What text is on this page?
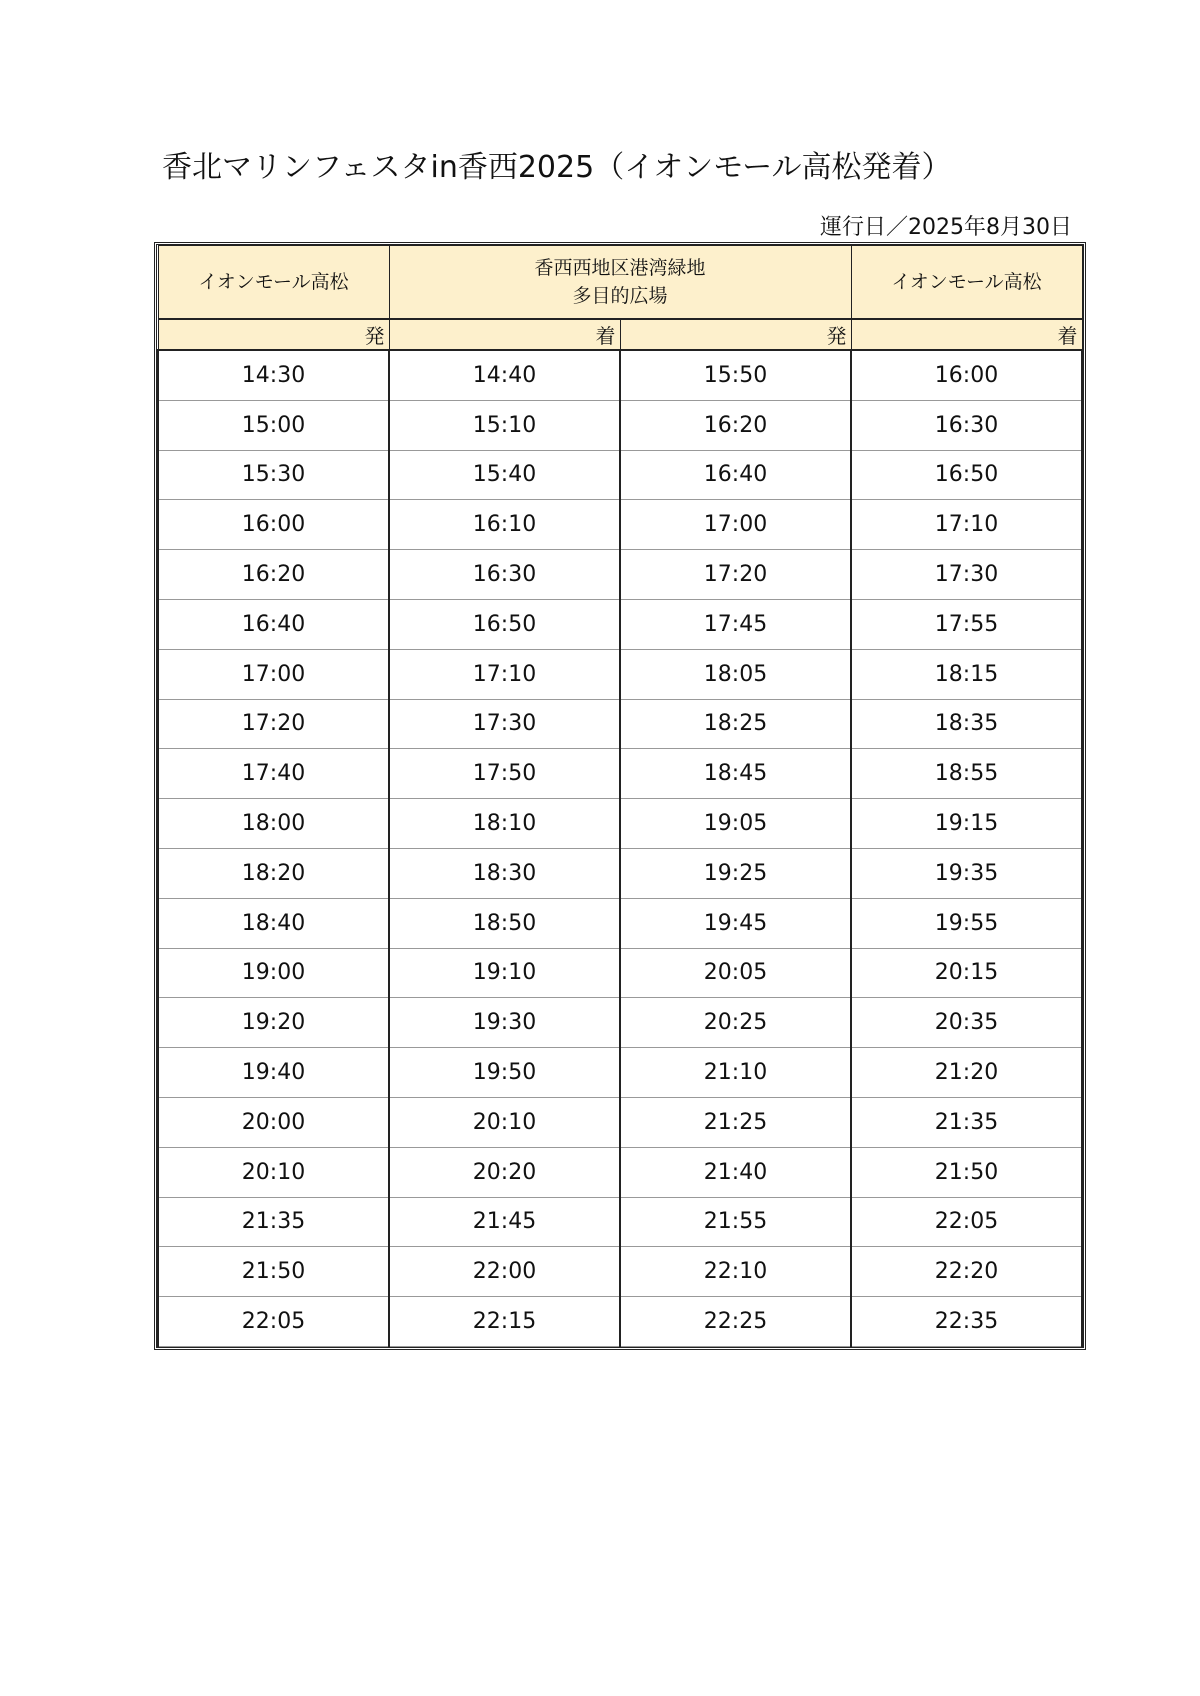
香北マリンフェスタin香西2025（イオンモール高松発着）
運行日／2025年8月30日
イオンモール高松	香西西地区港湾緑地
多目的広場		イオンモール高松
発	着	発	着
14:30	14:40	15:50	16:00
15:00	15:10	16:20	16:30
15:30	15:40	16:40	16:50
16:00	16:10	17:00	17:10
16:20	16:30	17:20	17:30
16:40	16:50	17:45	17:55
17:00	17:10	18:05	18:15
17:20	17:30	18:25	18:35
17:40	17:50	18:45	18:55
18:00	18:10	19:05	19:15
18:20	18:30	19:25	19:35
18:40	18:50	19:45	19:55
19:00	19:10	20:05	20:15
19:20	19:30	20:25	20:35
19:40	19:50	21:10	21:20
20:00	20:10	21:25	21:35
20:10	20:20	21:40	21:50
21:35	21:45	21:55	22:05
21:50	22:00	22:10	22:20
22:05	22:15	22:25	22:35
